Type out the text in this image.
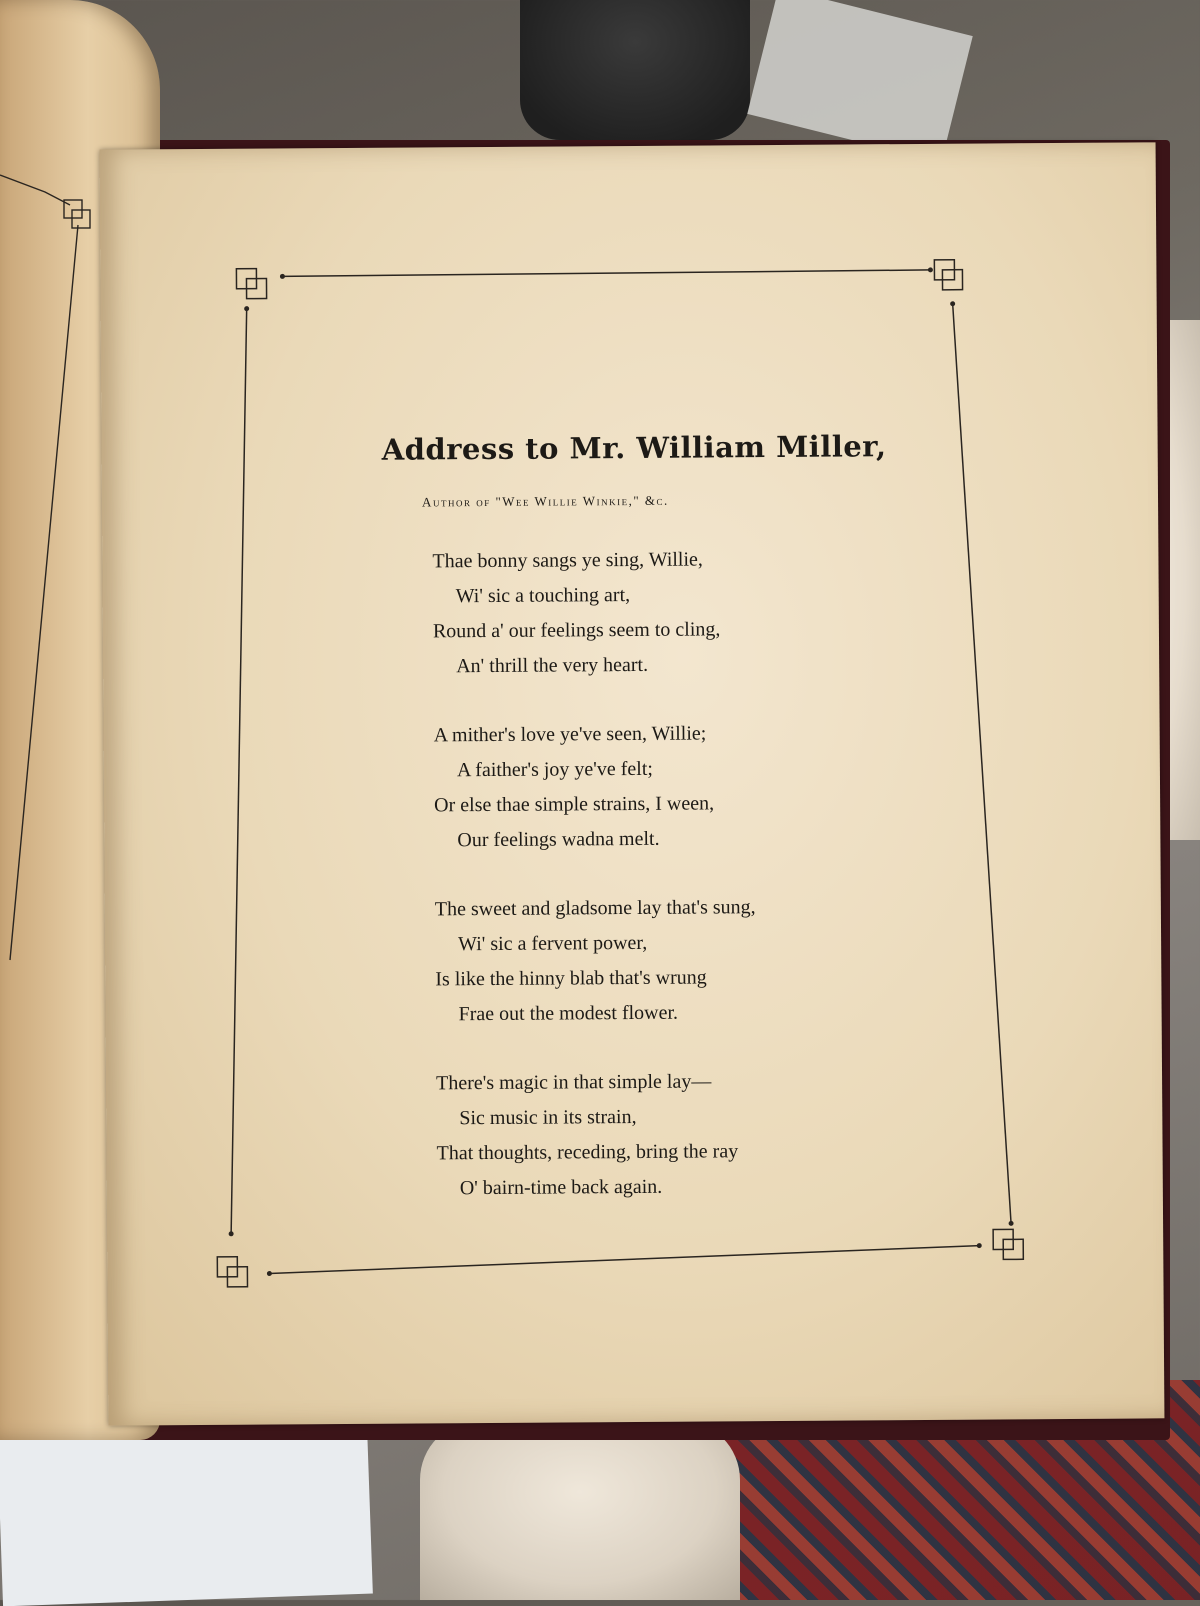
Address to Mr. William Miller,
Author of "Wee Willie Winkie," &c.
Thae bonny sangs ye sing, Willie,
Wi' sic a touching art,
Round a' our feelings seem to cling,
An' thrill the very heart.
A mither's love ye've seen, Willie;
A faither's joy ye've felt;
Or else thae simple strains, I ween,
Our feelings wadna melt.
The sweet and gladsome lay that's sung,
Wi' sic a fervent power,
Is like the hinny blab that's wrung
Frae out the modest flower.
There's magic in that simple lay—
Sic music in its strain,
That thoughts, receding, bring the ray
O' bairn-time back again.
